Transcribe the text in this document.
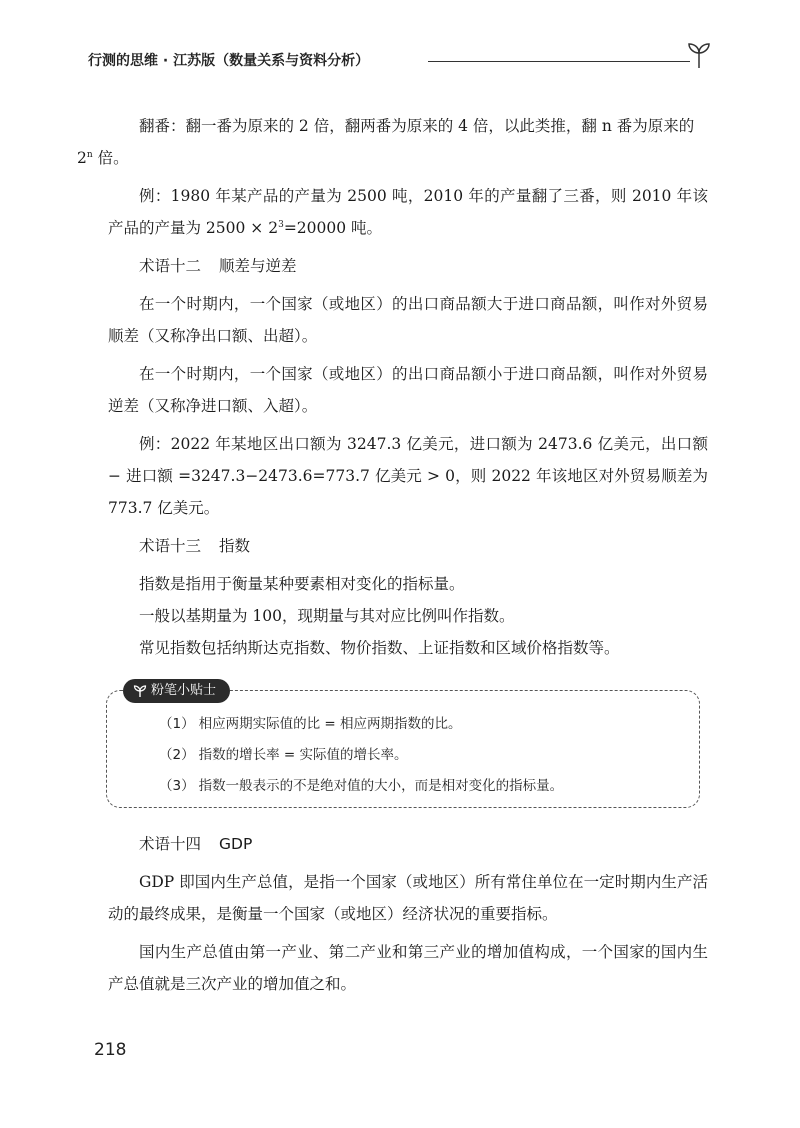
行测的思维 · 江苏版（数量关系与资料分析）

翻番：翻一番为原来的 2 倍，翻两番为原来的 4 倍，以此类推，翻 n 番为原来的
2$^n$ 倍。

例：1980 年某产品的产量为 2500 吨，2010 年的产量翻了三番，则 2010 年该产品的产量为 $2500 \times 2^3=20000$ 吨。

术语十二 顺差与逆差

在一个时期内，一个国家（或地区）的出口商品额大于进口商品额，叫作对外贸易顺差（又称净出口额、出超）。

在一个时期内，一个国家（或地区）的出口商品额小于进口商品额，叫作对外贸易逆差（又称净进口额、入超）。

例：2022 年某地区出口额为 3247.3 亿美元，进口额为 2473.6 亿美元，出口额 − 进口额 =3247.3−2473.6=773.7 亿美元 > 0，则 2022 年该地区对外贸易顺差为 773.7 亿美元。

术语十三 指数

指数是指用于衡量某种要素相对变化的指标量。

一般以基期量为 100，现期量与其对应比例叫作指数。

常见指数包括纳斯达克指数、物价指数、上证指数和区域价格指数等。

粉笔小贴士
（1） 相应两期实际值的比 = 相应两期指数的比。
（2） 指数的增长率 = 实际值的增长率。
（3） 指数一般表示的不是绝对值的大小，而是相对变化的指标量。

术语十四 GDP

GDP 即国内生产总值，是指一个国家（或地区）所有常住单位在一定时期内生产活动的最终成果，是衡量一个国家（或地区）经济状况的重要指标。

国内生产总值由第一产业、第二产业和第三产业的增加值构成，一个国家的国内生产总值就是三次产业的增加值之和。

218
